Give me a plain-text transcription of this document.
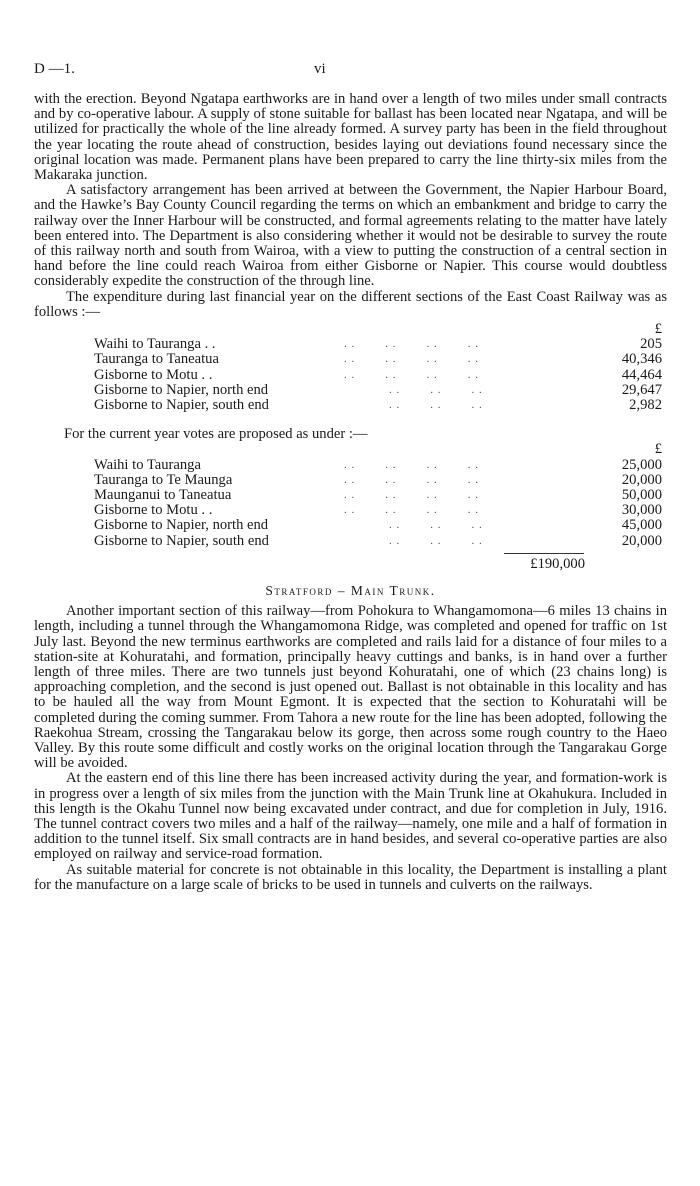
D —1.	vi

with the erection. Beyond Ngatapa earthworks are in hand over a length of two miles under small contracts and by co-operative labour. A supply of stone suitable for ballast has been located near Ngatapa, and will be utilized for practically the whole of the line already formed. A survey party has been in the field throughout the year locating the route ahead of construction, besides laying out deviations found necessary since the original location was made. Permanent plans have been prepared to carry the line thirty-six miles from the Makaraka junction.

A satisfactory arrangement has been arrived at between the Government, the Napier Harbour Board, and the Hawke’s Bay County Council regarding the terms on which an embankment and bridge to carry the railway over the Inner Harbour will be constructed, and formal agreements relating to the matter have lately been entered into. The Department is also considering whether it would not be desirable to survey the route of this railway north and south from Wairoa, with a view to putting the construction of a central section in hand before the line could reach Wairoa from either Gisborne or Napier. This course would doubtless considerably expedite the construction of the through line.

The expenditure during last financial year on the different sections of the East Coast Railway was as follows :—

		£
Waihi to Tauranga . .	. .        . .        . .        . .	205
Tauranga to Taneatua	. .        . .        . .        . .	40,346
Gisborne to Motu . .	. .        . .        . .        . .	44,464
Gisborne to Napier, north end	. .        . .        . .	29,647
Gisborne to Napier, south end	. .        . .        . .	2,982

For the current year votes are proposed as under :—

		£
Waihi to Tauranga	. .        . .        . .        . .	25,000
Tauranga to Te Maunga	. .        . .        . .        . .	20,000
Maunganui to Taneatua	. .        . .        . .        . .	50,000
Gisborne to Motu . .	. .        . .        . .        . .	30,000
Gisborne to Napier, north end	. .        . .        . .	45,000
Gisborne to Napier, south end	. .        . .        . .	20,000
£190,000
Stratford – Main Trunk.

Another important section of this railway—from Pohokura to Whangamomona—6 miles 13 chains in length, including a tunnel through the Whangamomona Ridge, was completed and opened for traffic on 1st July last. Beyond the new terminus earthworks are completed and rails laid for a distance of four miles to a station-site at Kohuratahi, and formation, principally heavy cuttings and banks, is in hand over a further length of three miles. There are two tunnels just beyond Kohuratahi, one of which (23 chains long) is approaching completion, and the second is just opened out. Ballast is not obtainable in this locality and has to be hauled all the way from Mount Egmont. It is expected that the section to Kohuratahi will be completed during the coming summer. From Tahora a new route for the line has been adopted, following the Raekohua Stream, crossing the Tangarakau below its gorge, then across some rough country to the Haeo Valley. By this route some difficult and costly works on the original location through the Tangarakau Gorge will be avoided.

At the eastern end of this line there has been increased activity during the year, and formation-work is in progress over a length of six miles from the junction with the Main Trunk line at Okahukura. Included in this length is the Okahu Tunnel now being excavated under contract, and due for completion in July, 1916. The tunnel contract covers two miles and a half of the railway—namely, one mile and a half of formation in addition to the tunnel itself. Six small contracts are in hand besides, and several co-operative parties are also employed on railway and service-road formation.

As suitable material for concrete is not obtainable in this locality, the Department is installing a plant for the manufacture on a large scale of bricks to be used in tunnels and culverts on the railways.
